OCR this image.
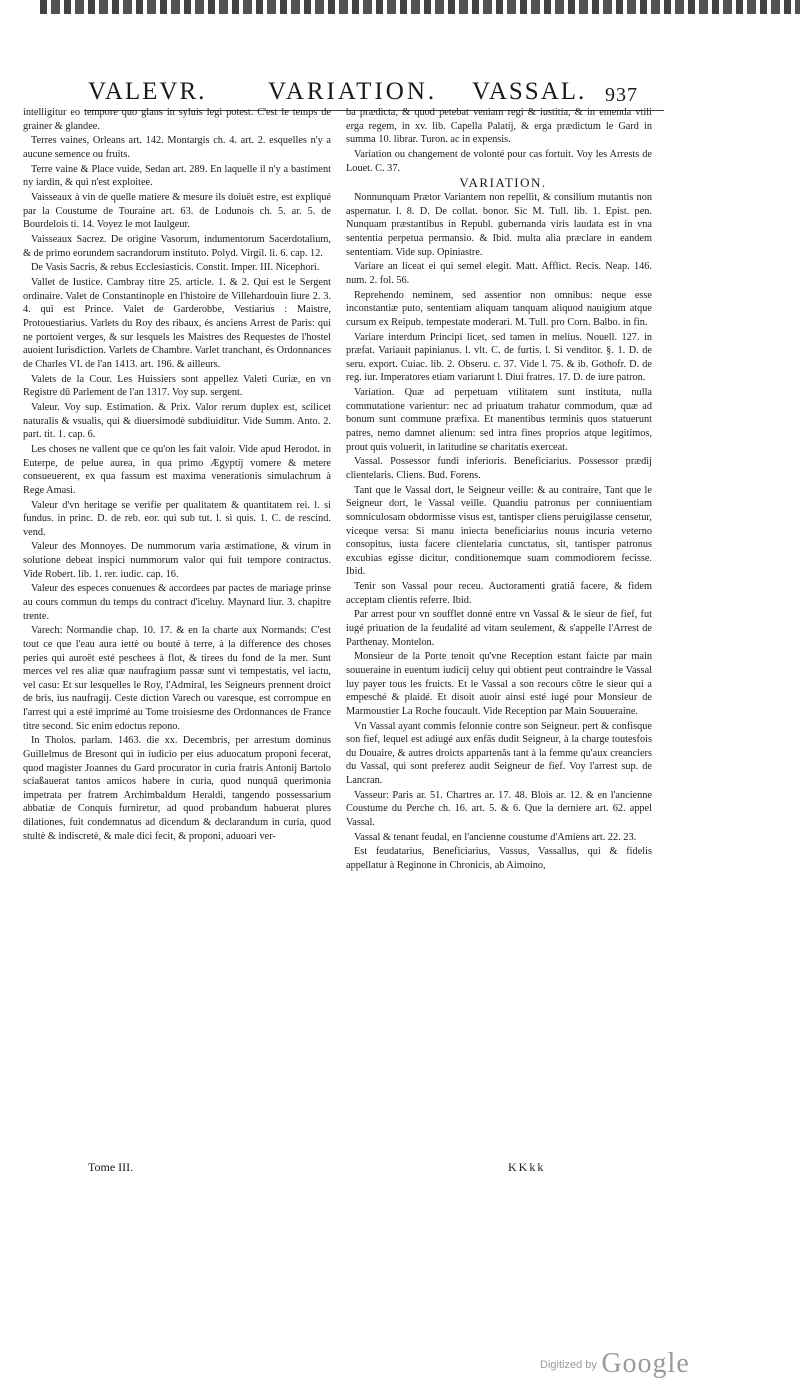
VALEVR. VARIATION. VASSAL. 937

intelligitur eo tempore quo glans in syluis legi potest. C'est le temps de grainer & glandee.

Terres vaines, Orleans art. 142. Montargis ch. 4. art. 2. esquelles n'y a aucune semence ou fruits.

Terre vaine & Place vuide, Sedan art. 289. En laquelle il n'y a bastiment ny iardin, & qui n'est exploitee.

Vaisseaux à vin de quelle matiere & mesure ils doiuët estre, est expliqué par la Coustume de Touraine art. 63. de Lodunois ch. 5. ar. 5. de Bourdelois ti. 14. Voyez le mot Iaulgeur.

Vaisseaux Sacrez. De origine Vasorum, indumentorum Sacerdotalium, & de primo eorundem sacrandorum instituto. Polyd. Virgil. li. 6. cap. 12.

De Vasis Sacris, & rebus Ecclesiasticis. Constit. Imper. III. Nicephori.

Vallet de Iustice. Cambray titre 25. article. 1. & 2. Qui est le Sergent ordinaire. Valet de Constantinople en l'histoire de Villehardouin liure 2. 3. 4. qui est Prince. Valet de Garderobbe, Vestiarius : Maistre, Protouestiarius. Varlets du Roy des ribaux, és anciens Arrest de Paris: qui ne portoient verges, & sur lesquels les Maistres des Requestes de l'hostel auoient Iurisdiction. Varlets de Chambre. Varlet tranchant, és Ordonnances de Charles VI. de l'an 1413. art. 196. & ailleurs.

Valets de la Cour. Les Huissiers sont appellez Valeti Curiæ, en vn Registre dû Parlement de l'an 1317. Voy sup. sergent.

Valeur. Voy sup. Estimation. & Prix. Valor rerum duplex est, scilicet naturalis & vsualis, qui & diuersimodè subdiuiditur. Vide Summ. Anto. 2. part. tit. 1. cap. 6.

Les choses ne vallent que ce qu'on les fait valoir. Vide apud Herodot. in Euterpe, de pelue aurea, in qua primo Ægyptij vomere & metere consueuerent, ex qua fassum est maxima venerationis simulachrum à Rege Amasi.

Valeur d'vn heritage se verifie per qualitatem & quantitatem rei. l. si fundus. in princ. D. de reb. eor. qui sub tut. l. si quis. 1. C. de rescind. vend.

Valeur des Monnoyes. De nummorum varia æstimatione, & virum in solutione debeat inspici nummorum valor qui fuit tempore contractus. Vide Robert. lib. 1. rer. iudic. cap. 16.

Valeur des especes conuenues & accordees par pactes de mariage prinse au cours commun du temps du contract d'iceluy. Maynard liur. 3. chapitre trente.

Varech: Normandie chap. 10. 17. & en la charte aux Normands: C'est tout ce que l'eau aura iettè ou bouté à terre, à la difference des choses peries qui auroët esté peschees à flot, & tirees du fond de la mer. Sunt merces vel res aliæ quæ naufragium passæ sunt vi tempestatis, vel iactu, vel casu: Et sur lesquelles le Roy, l'Admiral, les Seigneurs prennent droict de bris, ius naufragij. Ceste diction Varech ou varesque, est corrompue en l'arrest qui a esté imprimé au Tome troisiesme des Ordonnances de France titre second. Sic enim edoctus repono.

In Tholos. parlam. 1463. die xx. Decembris, per arrestum dominus Guillelmus de Bresont qui in iudicio per eius aduocatum proponi fecerat, quod magister Joannes du Gard procurator in curia fratris Antonij Bartolo sciaßauerat tantos amicos habere in curia, quod nunquã querimonia impetrata per fratrem Archimbaldum Heraldi, tangendo possessarium abbatiæ de Conquis furniretur, ad quod probandum habuerat plures dilationes, fuit condemnatus ad dicendum & declarandum in curia, quod stultè & indiscretè, & male dici fecit, & proponi, aduoari ver-

ba prædicta, & quod petebat veniam regi & iustitia, & in emenda vtili erga regem, in xv. lib. Capella Palatij, & erga prædictum le Gard in summa 10. librar. Turon. ac in expensis.

Variation ou changement de volonté pour cas fortuit. Voy les Arrests de Louet. C. 37.

VARIATION.

Nonnunquam Prætor Variantem non repellit, & consilium mutantis non aspernatur. l. 8. D. De collat. bonor. Sic M. Tull. lib. 1. Epist. pen. Nunquam præstantibus in Republ. gubernanda viris laudata est in vna sententia perpetua permansio. & Ibid. multa alia præclare in eandem sententiam. Vide sup. Opiniastre.

Variare an liceat ei qui semel elegit. Matt. Afflict. Recis. Neap. 146. num. 2. fol. 56.

Reprehendo neminem, sed assentior non omnibus: neque esse inconstantiæ puto, sententiam aliquam tanquam aliquod nauigium atque cursum ex Reipub. tempestate moderari. M. Tull. pro Corn. Balbo. in fin.

Variare interdum Principi licet, sed tamen in melius. Nouell. 127. in præfat. Variauit papinianus. l. vlt. C. de furtis. l. Si venditor. §. 1. D. de seru. export. Cuiac. lib. 2. Obseru. c. 37. Vide l. 75. & ib. Gothofr. D. de reg. iur. Imperatores etiam variarunt l. Diui fratres. 17. D. de iure patron.

Variation. Quæ ad perpetuam vtilitatem sunt instituta, nulla commutatione varientur: nec ad priuatum trahatur commodum, quæ ad bonum sunt commune præfixa. Et manentibus terminis quos statuerunt patres, nemo damnet alienum: sed intra fines proprios atque legitimos, prout quis voluerit, in latitudine se charitatis exerceat.

Vassal. Possessor fundi inferioris. Beneficiarius. Possessor prædij clientelaris. Cliens. Bud. Forens.

Tant que le Vassal dort, le Seigneur veille: & au contraire, Tant que le Seigneur dort, le Vassal veille. Quandiu patronus per conniuentiam somniculosam obdormisse visus est, tantisper cliens peruigilasse censetur, viceque versa: Si manu iniecta beneficiarius nouus incuria veterno consopitus, iusta facere clientelaria cunctatus, sit, tantisper patronus excubias egisse dicitur, conditionemque suam commodiorem fecisse. Ibid.

Tenir son Vassal pour receu. Auctoramenti gratiã facere, & fidem acceptam clientis referre. Ibid.

Par arrest pour vn soufflet donné entre vn Vassal & le sieur de fief, fut iugé priuation de la feudalité ad vitam seulement, & s'appelle l'Arrest de Parthenay. Montelon.

Monsieur de la Porte tenoit qu'vne Reception estant faicte par main souueraine in euentum iudicij celuy qui obtient peut contraindre le Vassal luy payer tous les fruicts. Et le Vassal a son recours cõtre le sieur qui a empesché & plaidé. Et disoit auoir ainsi esté iugé pour Monsieur de Marmoustier La Roche foucault. Vide Reception par Main Souueraine.

Vn Vassal ayant commis felonnie contre son Seigneur. pert & confisque son fief, lequel est adiugé aux enfãs dudit Seigneur, à la charge toutesfois du Douaire, & autres droicts appartenãs tant à la femme qu'aux creanciers du Vassal, qui sont preferez audit Seigneur de fief. Voy l'arrest sup. de Lancran.

Vasseur: Paris ar. 51. Chartres ar. 17. 48. Blois ar. 12. & en l'ancienne Coustume du Perche ch. 16. art. 5. & 6. Que la derniere art. 62. appel Vassal.

Vassal & tenant feudal, en l'ancienne coustume d'Amiens art. 22. 23.

Est feudatarius, Beneficiarius, Vassus, Vassallus, qui & fidelis appellatur à Reginone in Chronicis, ab Aimoino,

Tome III.	KKkk
$^{Digitized by}$ Google
